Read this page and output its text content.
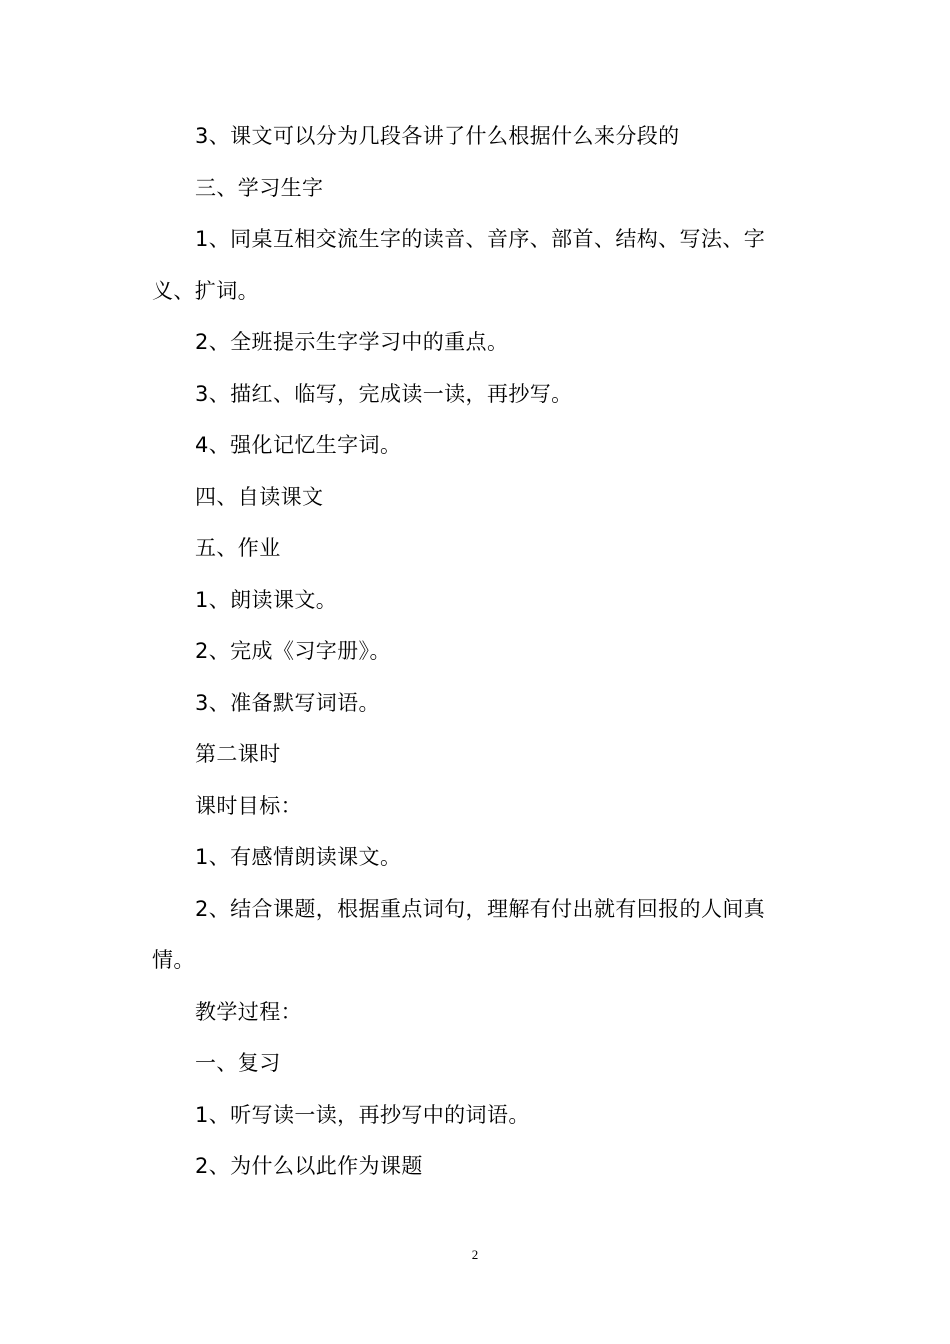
3、课文可以分为几段各讲了什么根据什么来分段的

三、学习生字

1、同桌互相交流生字的读音、音序、部首、结构、写法、字义、扩词。

2、全班提示生字学习中的重点。

3、描红、临写，完成读一读，再抄写。

4、强化记忆生字词。

四、自读课文

五、作业

1、朗读课文。

2、完成《习字册》。

3、准备默写词语。

第二课时

课时目标：

1、有感情朗读课文。

2、结合课题，根据重点词句，理解有付出就有回报的人间真情。

教学过程：

一、复习

1、听写读一读，再抄写中的词语。

2、为什么以此作为课题

2
